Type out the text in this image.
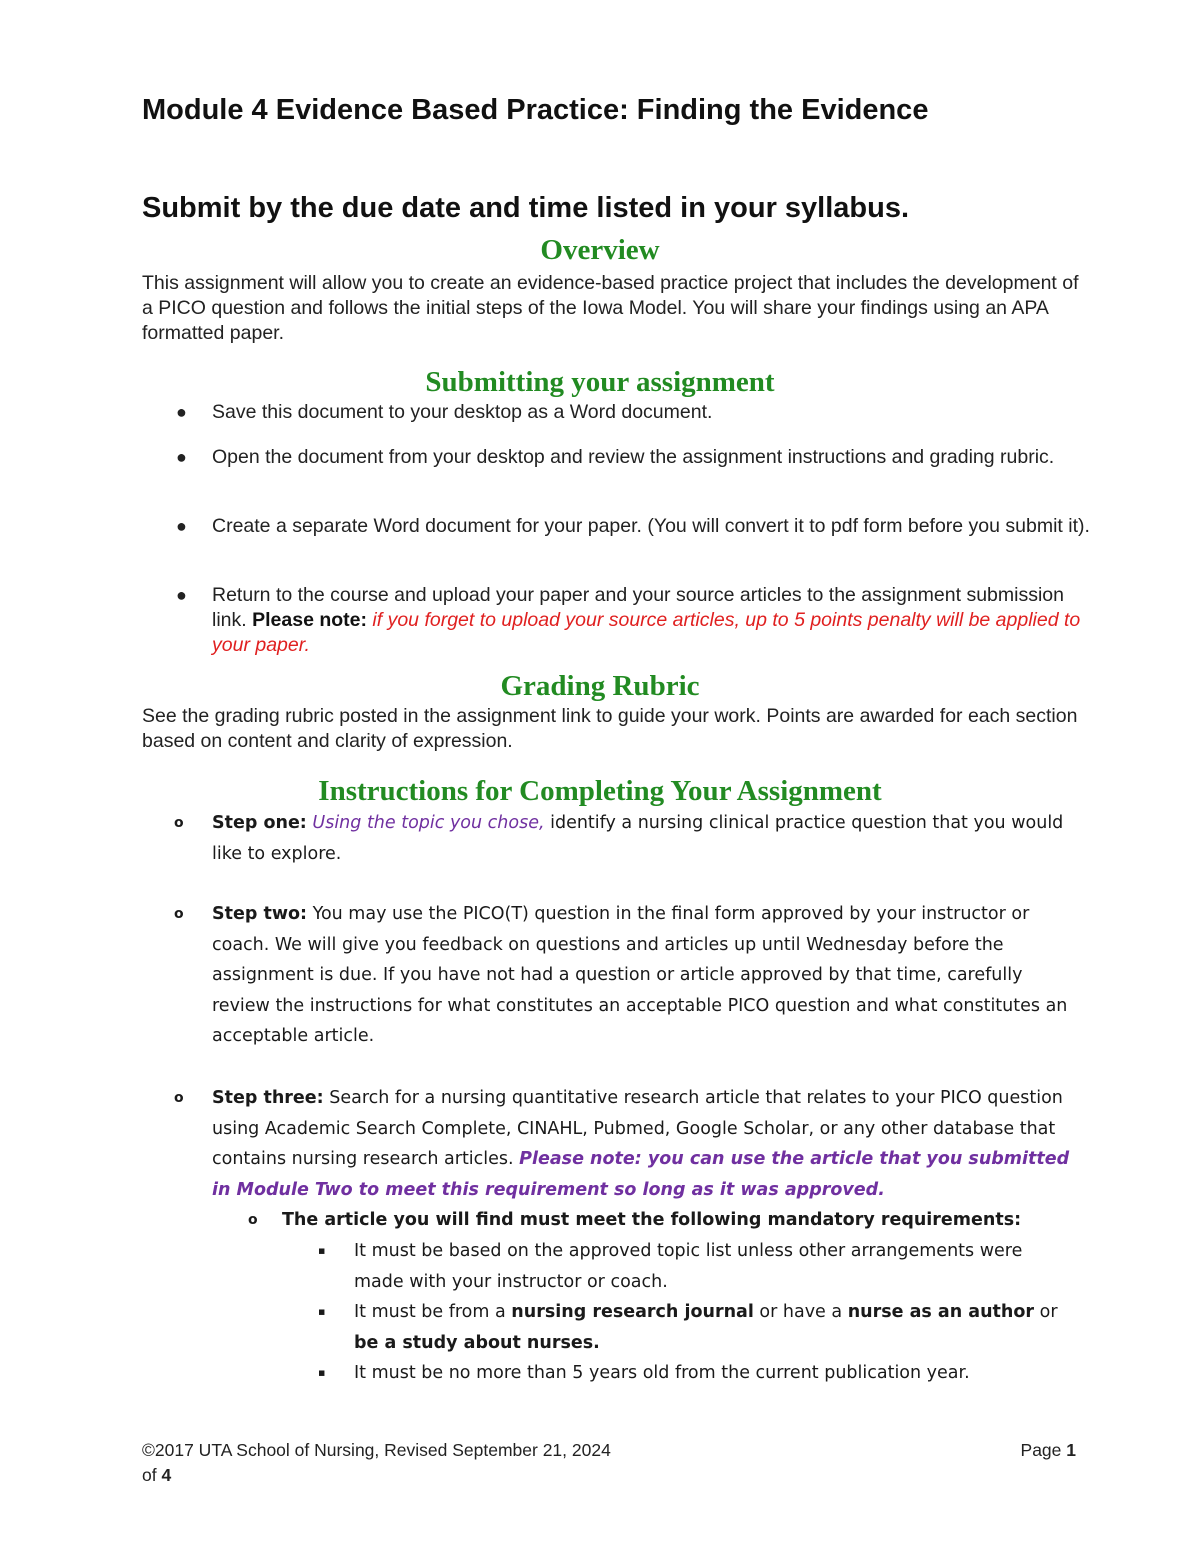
Module 4 Evidence Based Practice: Finding the Evidence
Submit by the due date and time listed in your syllabus.
Overview

This assignment will allow you to create an evidence-based practice project that includes the development of a PICO question and follows the initial steps of the Iowa Model. You will share your findings using an APA formatted paper.

Submitting your assignment
● Save this document to your desktop as a Word document.
● Open the document from your desktop and review the assignment instructions and grading rubric.
● Create a separate Word document for your paper. (You will convert it to pdf form before you submit it).
● Return to the course and upload your paper and your source articles to the assignment submission link. Please note: if you forget to upload your source articles, up to 5 points penalty will be applied to your paper.
Grading Rubric

See the grading rubric posted in the assignment link to guide your work. Points are awarded for each section based on content and clarity of expression.

Instructions for Completing Your Assignment
o Step one: Using the topic you chose, identify a nursing clinical practice question that you would like to explore.
o Step two: You may use the PICO(T) question in the final form approved by your instructor or coach. We will give you feedback on questions and articles up until Wednesday before the assignment is due. If you have not had a question or article approved by that time, carefully review the instructions for what constitutes an acceptable PICO question and what constitutes an acceptable article.
o Step three: Search for a nursing quantitative research article that relates to your PICO question using Academic Search Complete, CINAHL, Pubmed, Google Scholar, or any other database that contains nursing research articles. Please note: you can use the article that you submitted in Module Two to meet this requirement so long as it was approved.
o The article you will find must meet the following mandatory requirements:
▪ It must be based on the approved topic list unless other arrangements were made with your instructor or coach.
▪ It must be from a nursing research journal or have a nurse as an author or be a study about nurses.
▪ It must be no more than 5 years old from the current publication year.
©2017 UTA School of Nursing, Revised September 21, 2024	Page 1
of 4
